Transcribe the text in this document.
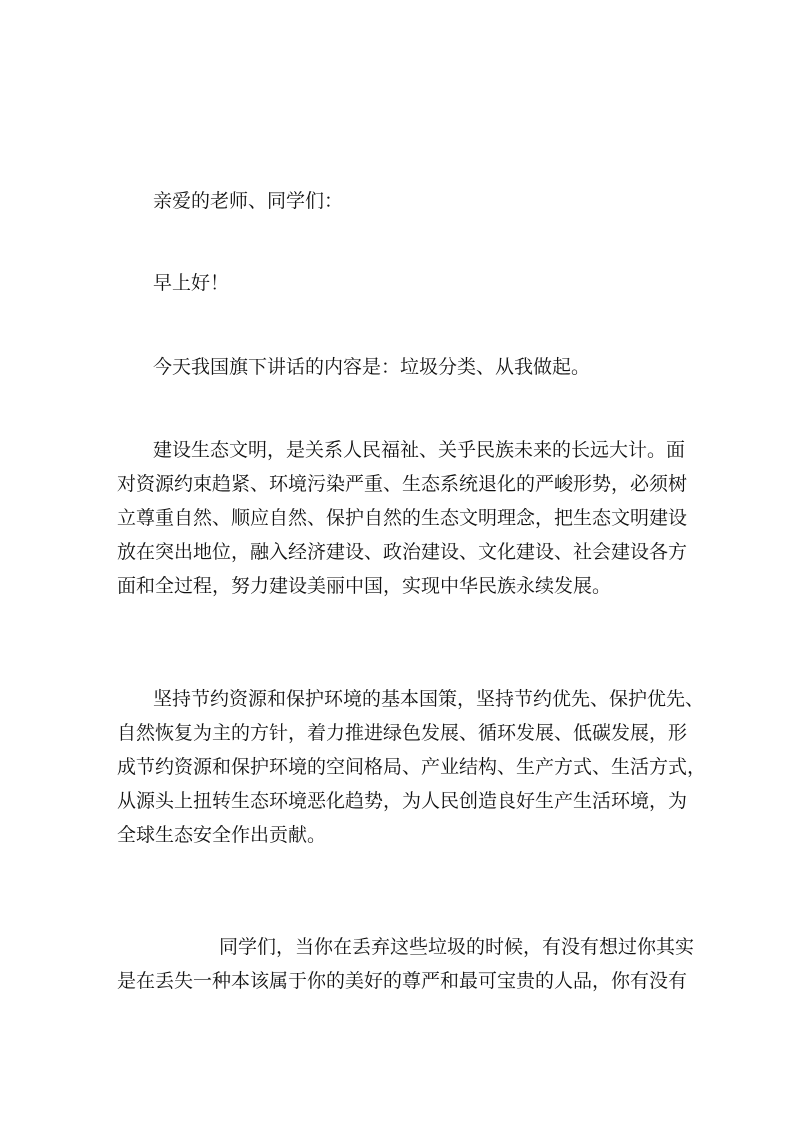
亲爱的老师、同学们：
早上好！
今天我国旗下讲话的内容是：垃圾分类、从我做起。
建设生态文明，是关系人民福祉、关乎民族未来的长远大计。面
对资源约束趋紧、环境污染严重、生态系统退化的严峻形势，必须树
立尊重自然、顺应自然、保护自然的生态文明理念，把生态文明建设
放在突出地位，融入经济建设、政治建设、文化建设、社会建设各方
面和全过程，努力建设美丽中国，实现中华民族永续发展。
坚持节约资源和保护环境的基本国策，坚持节约优先、保护优先、
自然恢复为主的方针，着力推进绿色发展、循环发展、低碳发展，形
成节约资源和保护环境的空间格局、产业结构、生产方式、生活方式，
从源头上扭转生态环境恶化趋势，为人民创造良好生产生活环境，为
全球生态安全作出贡献。
同学们，当你在丢弃这些垃圾的时候，有没有想过你其实
是在丢失一种本该属于你的美好的尊严和最可宝贵的人品，你有没有
